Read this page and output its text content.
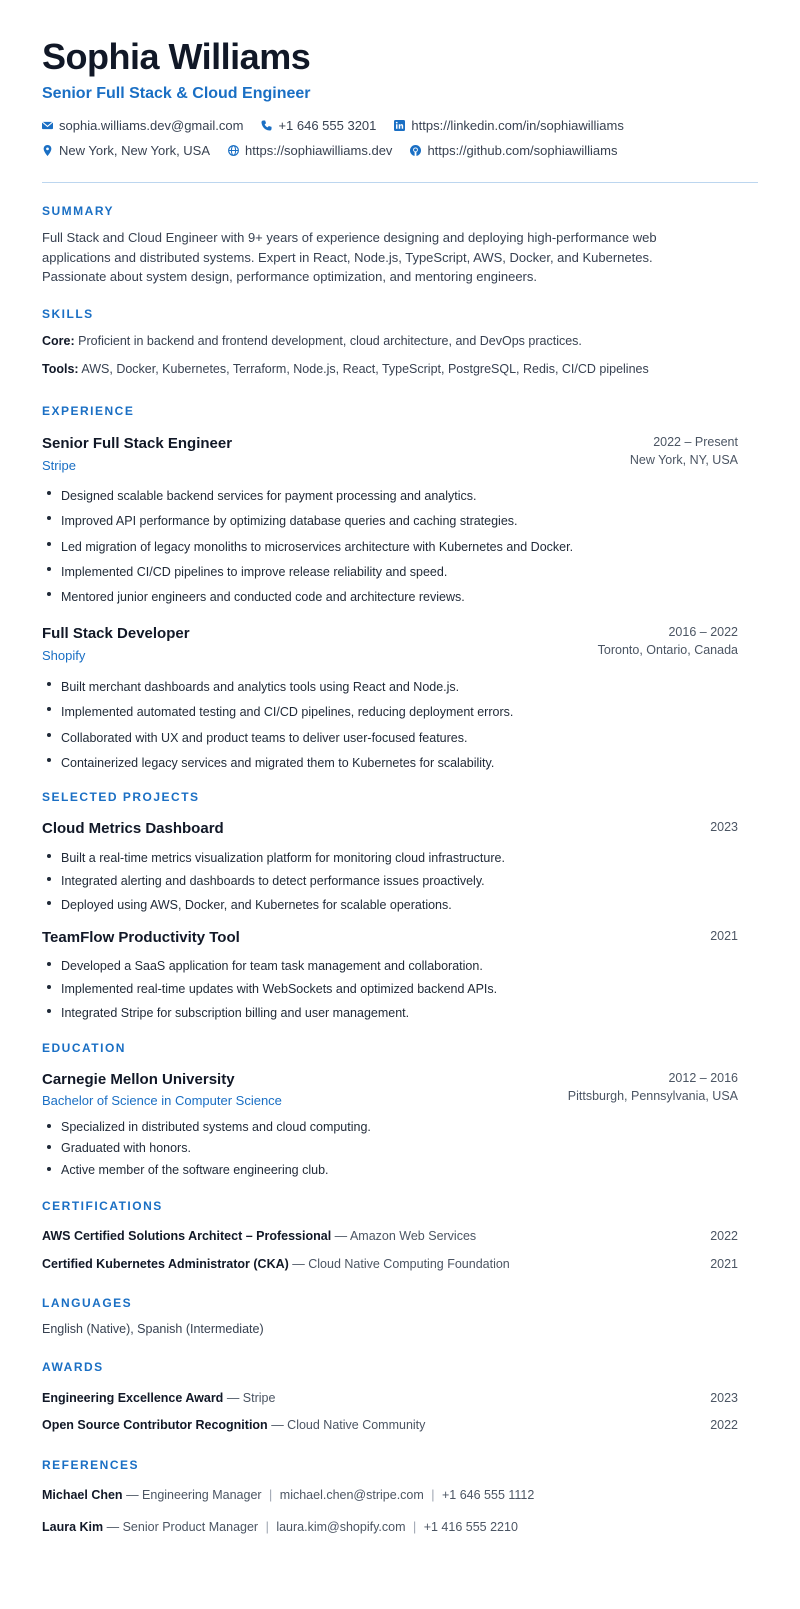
Sophia Williams
Senior Full Stack & Cloud Engineer
sophia.williams.dev@gmail.com	+1 646 555 3201	https://linkedin.com/in/sophiawilliams
New York, New York, USA	https://sophiawilliams.dev	https://github.com/sophiawilliams
SUMMARY
Full Stack and Cloud Engineer with 9+ years of experience designing and deploying high-performance web applications and distributed systems. Expert in React, Node.js, TypeScript, AWS, Docker, and Kubernetes. Passionate about system design, performance optimization, and mentoring engineers.
SKILLS
Core: Proficient in backend and frontend development, cloud architecture, and DevOps practices.
Tools: AWS, Docker, Kubernetes, Terraform, Node.js, React, TypeScript, PostgreSQL, Redis, CI/CD pipelines
EXPERIENCE
Senior Full Stack Engineer
Stripe
2022 – Present
New York, NY, USA
Designed scalable backend services for payment processing and analytics.
Improved API performance by optimizing database queries and caching strategies.
Led migration of legacy monoliths to microservices architecture with Kubernetes and Docker.
Implemented CI/CD pipelines to improve release reliability and speed.
Mentored junior engineers and conducted code and architecture reviews.
Full Stack Developer
Shopify
2016 – 2022
Toronto, Ontario, Canada
Built merchant dashboards and analytics tools using React and Node.js.
Implemented automated testing and CI/CD pipelines, reducing deployment errors.
Collaborated with UX and product teams to deliver user-focused features.
Containerized legacy services and migrated them to Kubernetes for scalability.
SELECTED PROJECTS
Cloud Metrics Dashboard	2023
Built a real-time metrics visualization platform for monitoring cloud infrastructure.
Integrated alerting and dashboards to detect performance issues proactively.
Deployed using AWS, Docker, and Kubernetes for scalable operations.
TeamFlow Productivity Tool	2021
Developed a SaaS application for team task management and collaboration.
Implemented real-time updates with WebSockets and optimized backend APIs.
Integrated Stripe for subscription billing and user management.
EDUCATION
Carnegie Mellon University
Bachelor of Science in Computer Science
2012 – 2016
Pittsburgh, Pennsylvania, USA
Specialized in distributed systems and cloud computing.
Graduated with honors.
Active member of the software engineering club.
CERTIFICATIONS
AWS Certified Solutions Architect – Professional — Amazon Web Services	2022
Certified Kubernetes Administrator (CKA) — Cloud Native Computing Foundation	2021
LANGUAGES
English (Native), Spanish (Intermediate)
AWARDS
Engineering Excellence Award — Stripe	2023
Open Source Contributor Recognition — Cloud Native Community	2022
REFERENCES
Michael Chen — Engineering Manager | michael.chen@stripe.com | +1 646 555 1112
Laura Kim — Senior Product Manager | laura.kim@shopify.com | +1 416 555 2210
